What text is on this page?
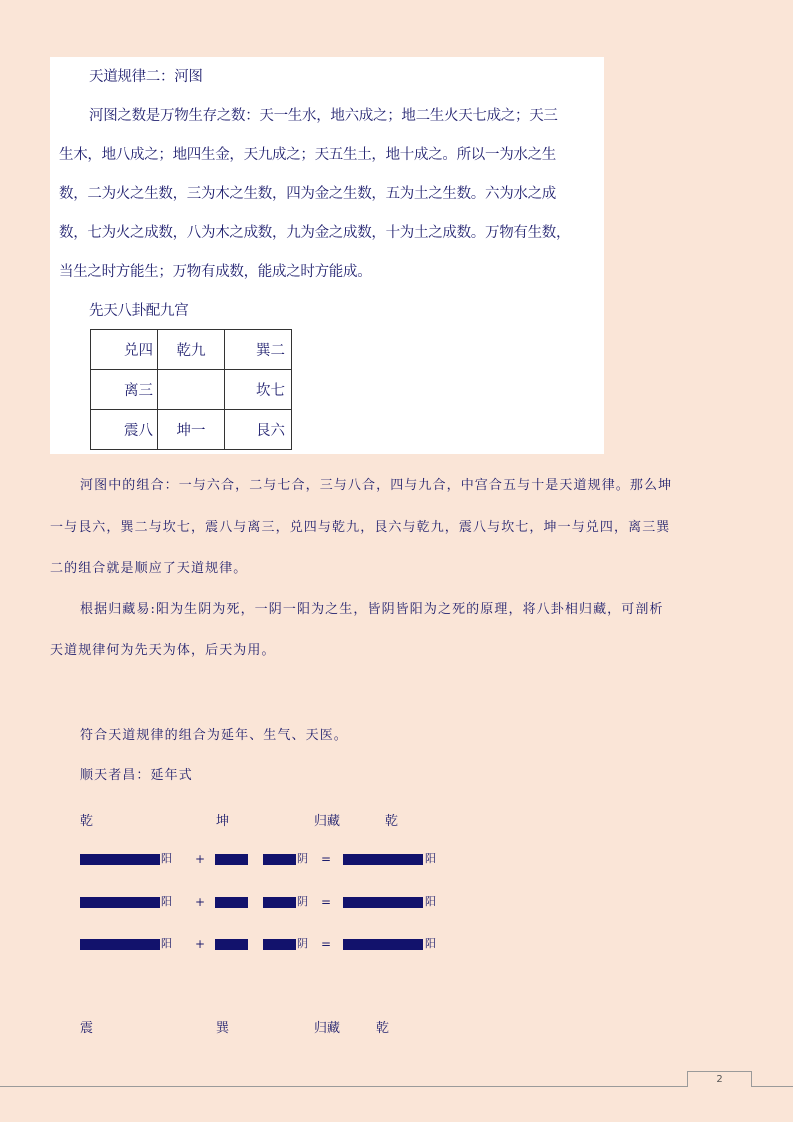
天道规律二：河图
河图之数是万物生存之数：天一生水，地六成之；地二生火天七成之；天三
生木，地八成之；地四生金，天九成之；天五生土，地十成之。所以一为水之生
数，二为火之生数，三为木之生数，四为金之生数，五为土之生数。六为水之成
数，七为火之成数，八为木之成数，九为金之成数，十为土之成数。万物有生数，
当生之时方能生；万物有成数，能成之时方能成。
先天八卦配九宫
兑四	乾九	巽二
离三		坎七
震八	坤一	艮六
河图中的组合：一与六合，二与七合，三与八合，四与九合，中宫合五与十是天道规律。那么坤
一与艮六，巽二与坎七，震八与离三，兑四与乾九，艮六与乾九，震八与坎七，坤一与兑四，离三巽
二的组合就是顺应了天道规律。
根据归藏易:阳为生阴为死，一阴一阳为之生，皆阴皆阳为之死的原理，将八卦相归藏，可剖析
天道规律何为先天为体，后天为用。
符合天道规律的组合为延年、生气、天医。
顺天者昌：延年式
乾	坤	归藏	乾
阳 +	阴 =	阳
阳 +	阴 =	阳
阳 +	阴 =	阳
震	巽	归藏	乾
2
